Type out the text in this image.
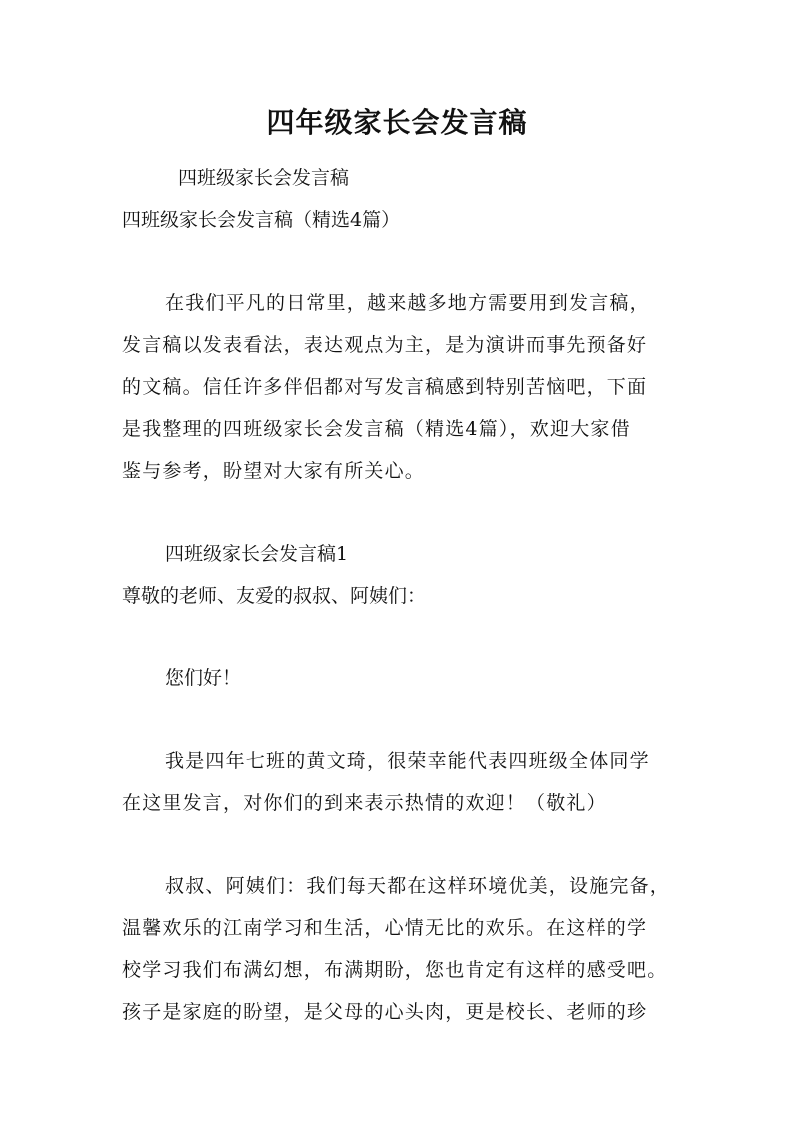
四年级家长会发言稿
四班级家长会发言稿
四班级家长会发言稿（精选4篇）
在我们平凡的日常里，越来越多地方需要用到发言稿，
发言稿以发表看法，表达观点为主，是为演讲而事先预备好
的文稿。信任许多伴侣都对写发言稿感到特别苦恼吧，下面
是我整理的四班级家长会发言稿（精选4篇），欢迎大家借
鉴与参考，盼望对大家有所关心。
四班级家长会发言稿1
尊敬的老师、友爱的叔叔、阿姨们：
您们好！
我是四年七班的黄文琦，很荣幸能代表四班级全体同学
在这里发言，对你们的到来表示热情的欢迎！（敬礼）
叔叔、阿姨们：我们每天都在这样环境优美，设施完备，
温馨欢乐的江南学习和生活，心情无比的欢乐。在这样的学
校学习我们布满幻想，布满期盼，您也肯定有这样的感受吧。
孩子是家庭的盼望，是父母的心头肉，更是校长、老师的珍
